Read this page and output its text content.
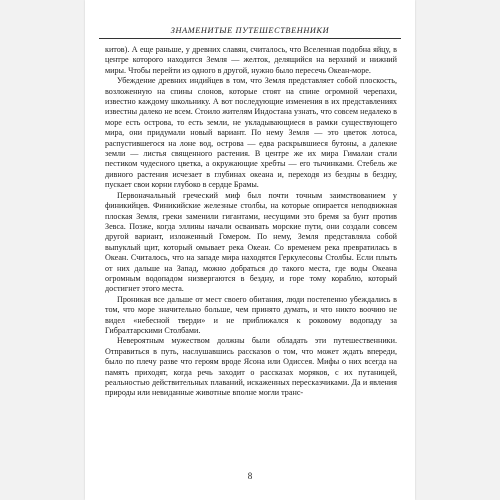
ЗНАМЕНИТЫЕ ПУТЕШЕСТВЕННИКИ

китов). А еще раньше, у древних славян, считалось, что Вселенная подобна яйцу, в центре которого находится Земля — желток, делящийся на верхний и нижний миры. Чтобы перейти из одного в другой, нужно было пересечь Океан-море.

Убеждение древних индийцев в том, что Земля представляет собой плоскость, возложенную на спины слонов, которые стоят на спине огромной черепахи, известно каждому школьнику. А вот последующие изменения в их представлениях известны далеко не всем. Стоило жителям Индостана узнать, что совсем недалеко в море есть острова, то есть земли, не укладывающиеся в рамки существующего мира, они придумали новый вариант. По нему Земля — это цветок лотоса, распустившегося на лоне вод, острова — едва раскрывшиеся бутоны, а далекие земли — листья священного растения. В центре же их мира Гималаи стали пестиком чудесного цветка, а окружающие хребты — его тычинками. Стебель же дивного растения исчезает в глубинах океана и, переходя из бездны в бездну, пускает свои корни глубоко в сердце Брамы.

Первоначальный греческий миф был почти точным заимствованием у финикийцев. Финикийские железные столбы, на которые опирается неподвижная плоская Земля, греки заменили гигантами, несущими это бремя за бунт против Зевса. Позже, когда эллины начали осваивать морские пути, они создали совсем другой вариант, изложенный Гомером. По нему, Земля представляла собой выпуклый щит, который омывает река Океан. Со временем река превратилась в Океан. Считалось, что на западе мира находятся Геркулесовы Столбы. Если плыть от них дальше на Запад, можно добраться до такого места, где воды Океана огромным водопадом низвергаются в бездну, и горе тому кораблю, который достигнет этого места.

Проникая все дальше от мест своего обитания, люди постепенно убеждались в том, что море значительно больше, чем принято думать, и что никто воочию не видел «небесной тверди» и не приближался к роковому водопаду за Гибралтарскими Столбами.

Невероятным мужеством должны были обладать эти путешественники. Отправиться в путь, наслушавшись рассказов о том, что может ждать впереди, было по плечу разве что героям вроде Ясона или Одиссея. Мифы о них всегда на память приходят, когда речь заходит о рассказах моряков, с их путаницей, реальностью действительных плаваний, искаженных пересказчиками. Да и явления природы или невиданные животные вполне могли транс-

8
